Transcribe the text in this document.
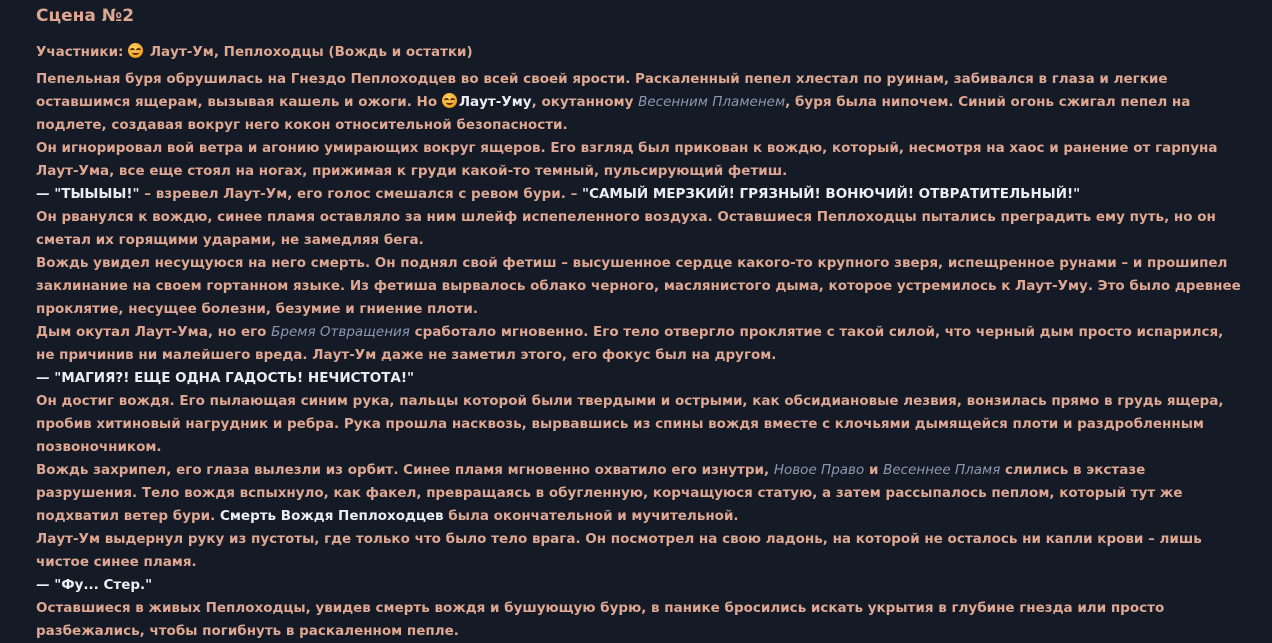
Сцена №2
Участники: Лаут-Ум, Пеплоходцы (Вождь и остатки)

Пепельная буря обрушилась на Гнездо Пеплоходцев во всей своей ярости. Раскаленный пепел хлестал по руинам, забивался в глаза и легкие оставшимся ящерам, вызывая кашель и ожоги. Но
Лаут-Уму, окутанному Весенним Пламенем, буря была нипочем. Синий огонь сжигал пепел на подлете, создавая вокруг него кокон относительной безопасности.

Он игнорировал вой ветра и агонию умирающих вокруг ящеров. Его взгляд был прикован к вождю, который, несмотря на хаос и ранение от гарпуна Лаут-Ума, все еще стоял на ногах, прижимая к груди какой-то темный, пульсирующий фетиш.

— "ТЫЫЫЫ!" – взревел Лаут-Ум, его голос смешался с ревом бури. – "САМЫЙ МЕРЗКИЙ! ГРЯЗНЫЙ! ВОНЮЧИЙ! ОТВРАТИТЕЛЬНЫЙ!"

Он рванулся к вождю, синее пламя оставляло за ним шлейф испепеленного воздуха. Оставшиеся Пеплоходцы пытались преградить ему путь, но он сметал их горящими ударами, не замедляя бега.

Вождь увидел несущуюся на него смерть. Он поднял свой фетиш – высушенное сердце какого-то крупного зверя, испещренное рунами – и прошипел заклинание на своем гортанном языке. Из фетиша вырвалось облако черного, маслянистого дыма, которое устремилось к Лаут-Уму. Это было древнее проклятие, несущее болезни, безумие и гниение плоти.

Дым окутал Лаут-Ума, но его Бремя Отвращения сработало мгновенно. Его тело отвергло проклятие с такой силой, что черный дым просто испарился, не причинив ни малейшего вреда. Лаут-Ум даже не заметил этого, его фокус был на другом.

— "МАГИЯ?! ЕЩЕ ОДНА ГАДОСТЬ! НЕЧИСТОТА!"

Он достиг вождя. Его пылающая синим рука, пальцы которой были твердыми и острыми, как обсидиановые лезвия, вонзилась прямо в грудь ящера, пробив хитиновый нагрудник и ребра. Рука прошла насквозь, вырвавшись из спины вождя вместе с клочьями дымящейся плоти и раздробленным позвоночником.

Вождь захрипел, его глаза вылезли из орбит. Синее пламя мгновенно охватило его изнутри, Новое Право и Весеннее Пламя слились в экстазе разрушения. Тело вождя вспыхнуло, как факел, превращаясь в обугленную, корчащуюся статую, а затем рассыпалось пеплом, который тут же подхватил ветер бури. Смерть Вождя Пеплоходцев была окончательной и мучительной.

Лаут-Ум выдернул руку из пустоты, где только что было тело врага. Он посмотрел на свою ладонь, на которой не осталось ни капли крови – лишь чистое синее пламя.

— "Фу... Стер."

Оставшиеся в живых Пеплоходцы, увидев смерть вождя и бушующую бурю, в панике бросились искать укрытия в глубине гнезда или просто разбежались, чтобы погибнуть в раскаленном пепле.
